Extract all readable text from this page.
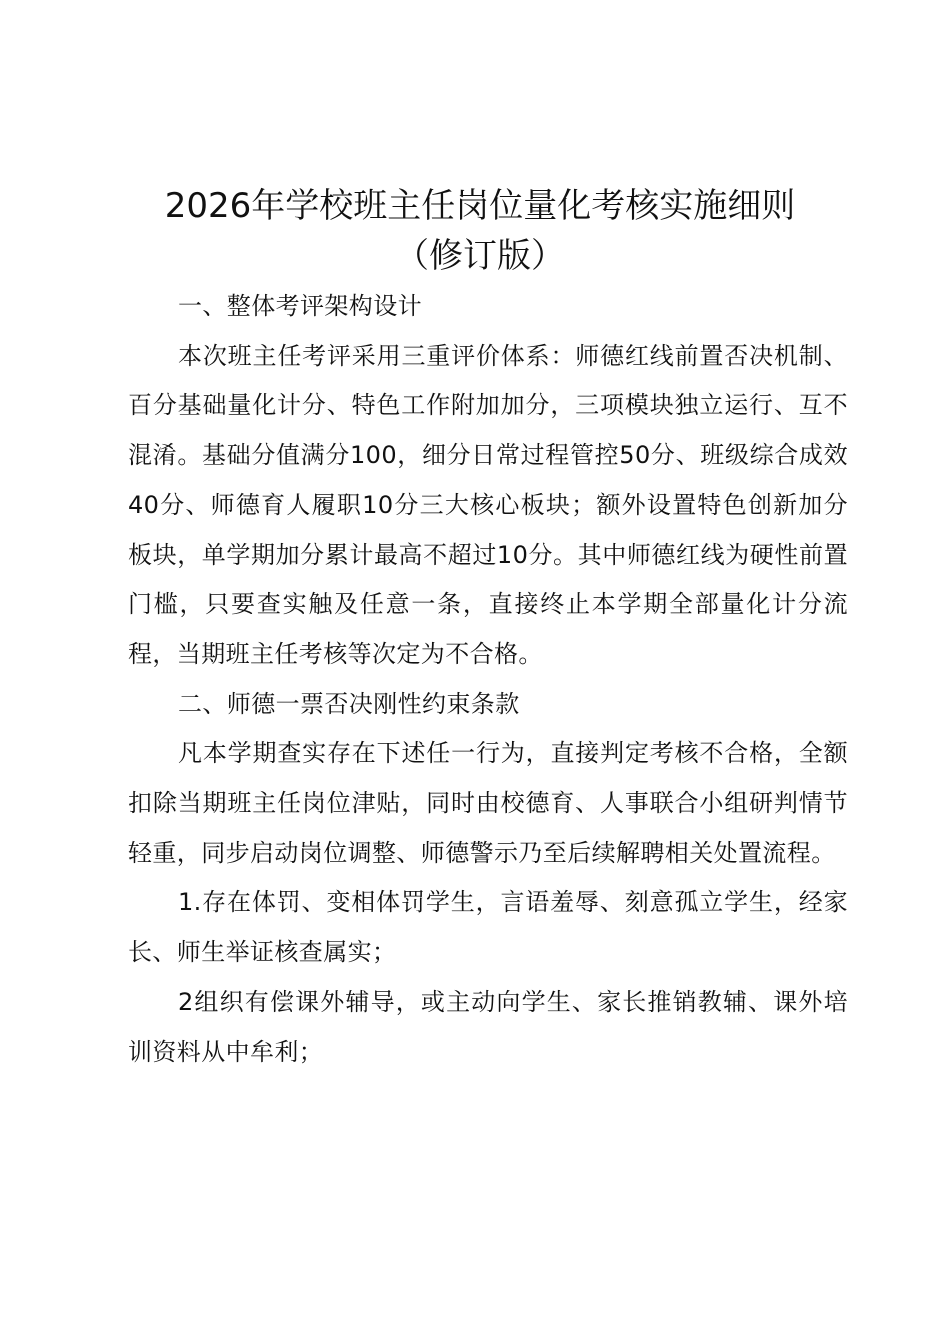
2026年学校班主任岗位量化考核实施细则
（修订版）

一、整体考评架构设计

本次班主任考评采用三重评价体系：师德红线前置否决机制、百分基础量化计分、特色工作附加加分，三项模块独立运行、互不混淆。基础分值满分100，细分日常过程管控50分、班级综合成效40分、师德育人履职10分三大核心板块；额外设置特色创新加分板块，单学期加分累计最高不超过10分。其中师德红线为硬性前置门槛，只要查实触及任意一条，直接终止本学期全部量化计分流程，当期班主任考核等次定为不合格。

二、师德一票否决刚性约束条款

凡本学期查实存在下述任一行为，直接判定考核不合格，全额扣除当期班主任岗位津贴，同时由校德育、人事联合小组研判情节轻重，同步启动岗位调整、师德警示乃至后续解聘相关处置流程。

1.存在体罚、变相体罚学生，言语羞辱、刻意孤立学生，经家长、师生举证核查属实；

2组织有偿课外辅导，或主动向学生、家长推销教辅、课外培训资料从中牟利；
